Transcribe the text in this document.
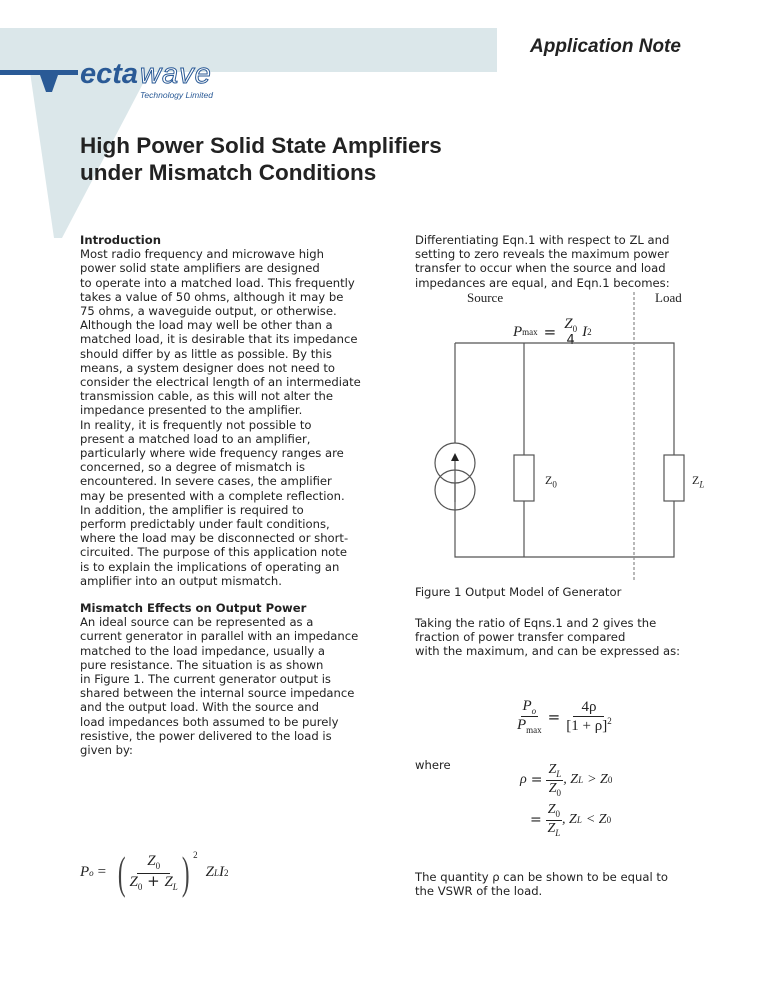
Application Note
ecta wave
Technology Limited
High Power Solid State Amplifiers
under Mismatch Conditions
Introduction
Most radio frequency and microwave high
power solid state amplifiers are designed
to operate into a matched load. This frequently
takes a value of 50 ohms, although it may be
75 ohms, a waveguide output, or otherwise.
Although the load may well be other than a
matched load, it is desirable that its impedance
should differ by as little as possible. By this
means, a system designer does not need to
consider the electrical length of an intermediate
transmission cable, as this will not alter the
impedance presented to the amplifier.
In reality, it is frequently not possible to
present a matched load to an amplifier,
particularly where wide frequency ranges are
concerned, so a degree of mismatch is
encountered. In severe cases, the amplifier
may be presented with a complete reflection.
In addition, the amplifier is required to
perform predictably under fault conditions,
where the load may be disconnected or short-
circuited. The purpose of this application note
is to explain the implications of operating an
amplifier into an output mismatch.
Mismatch Effects on Output Power
An ideal source can be represented as a
current generator in parallel with an impedance
matched to the load impedance, usually a
pure resistance. The situation is as shown
in Figure 1. The current generator output is
shared between the internal source impedance
and the output load. With the source and
load impedances both assumed to be purely
resistive, the power delivered to the load is
given by:
P o = ( $\frac{Z_0}{Z_0 + Z_L}$ ) $^2$
Z L I 2
Differentiating Eqn.1 with respect to ZL and
setting to zero reveals the maximum power
transfer to occur when the source and load
impedances are equal, and Eqn.1 becomes:
P $\max = Z_0$
4
I 2
Source	Load
$Z_0$	$Z_L$
Figure 1 Output Model of Generator
Taking the ratio of Eqns.1 and 2 gives the
fraction of power transfer compared
with the maximum, and can be expressed as:
$\frac{P_o}{P_{max}} = \frac{4\rho}{[1 + \rho]^2}$
where
$\rho = \frac{Z_L}{Z_0}$ , Z L > Z 0
= $\frac{Z_0}{Z_L}$ , Z L < Z 0
The quantity ρ can be shown to be equal to
the VSWR of the load.
